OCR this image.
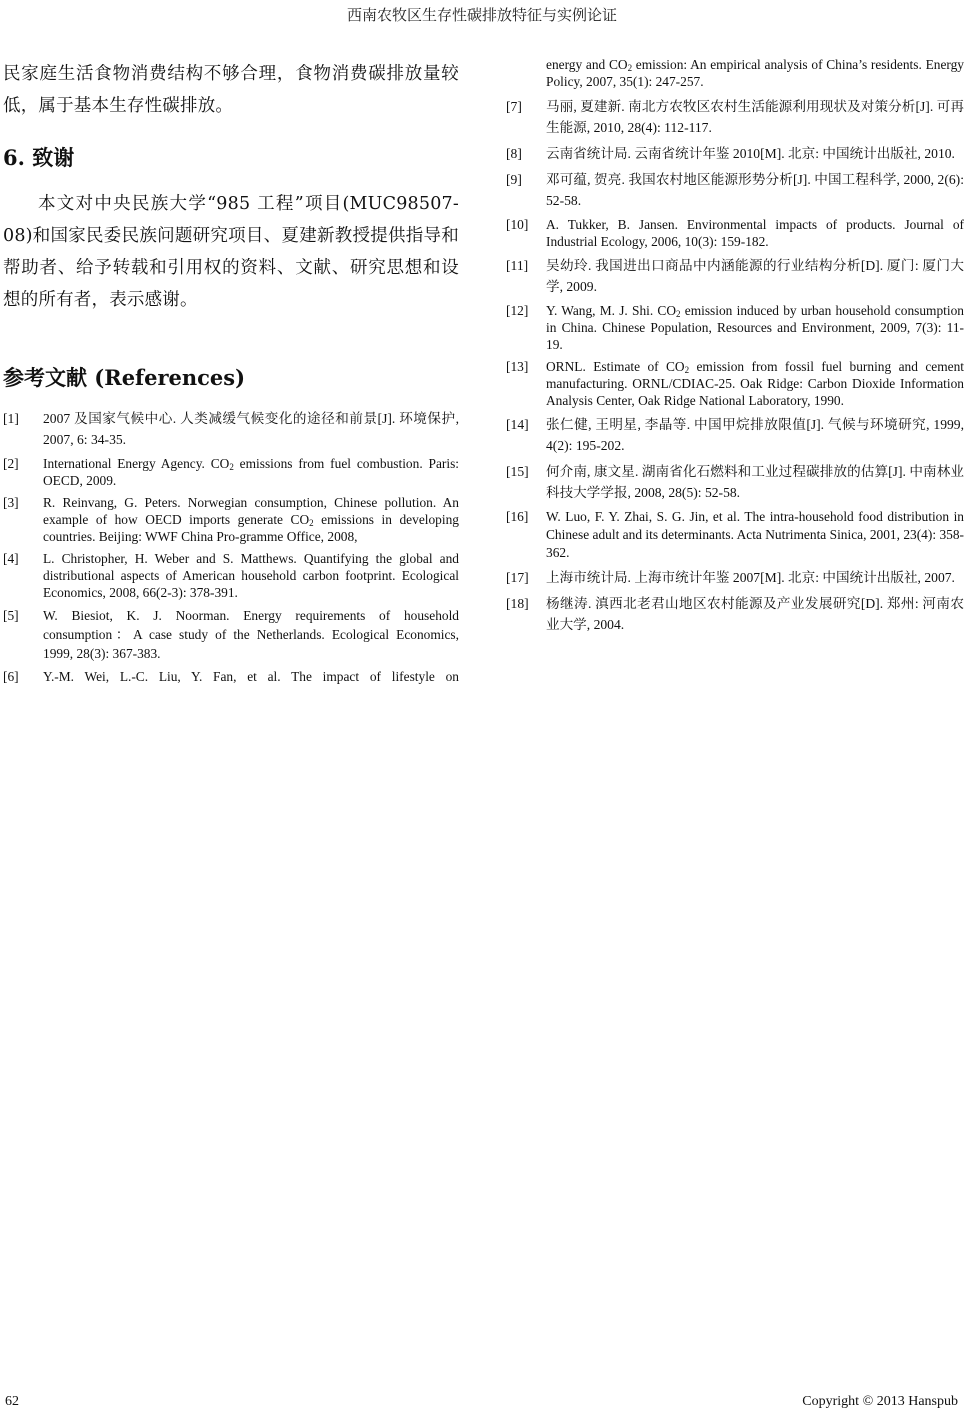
西南农牧区生存性碳排放特征与实例论证

民家庭生活食物消费结构不够合理，食物消费碳排放量较低，属于基本生存性碳排放。

6. 致谢

本文对中央民族大学“985 工程”项目(MUC98507-08)和国家民委民族问题研究项目、夏建新教授提供指导和帮助者、给予转载和引用权的资料、文献、研究思想和设想的所有者，表示感谢。

参考文献 (References)
[1] 2007 及国家气候中心. 人类减缓气候变化的途径和前景[J]. 环境保护, 2007, 6: 34-35.
[2] International Energy Agency. $CO_2$ emissions from fuel combustion. Paris: OECD, 2009.
[3] R. Reinvang, G. Peters. Norwegian consumption, Chinese pollution. An example of how OECD imports generate $CO_2$ emissions in developing countries. Beijing: WWF China Pro-gramme Office, 2008,
[4] L. Christopher, H. Weber and S. Matthews. Quantifying the global and distributional aspects of American household carbon footprint. Ecological Economics, 2008, 66(2-3): 378-391.
[5] W. Biesiot, K. J. Noorman. Energy requirements of household consumption：A case study of the Netherlands. Ecological Economics, 1999, 28(3): 367-383.
[6] Y.-M. Wei, L.-C. Liu, Y. Fan, et al. The impact of lifestyle on
energy and $CO_2$ emission: An empirical analysis of China’s residents. Energy Policy, 2007, 35(1): 247-257.
[7] 马丽, 夏建新. 南北方农牧区农村生活能源利用现状及对策分析[J]. 可再生能源, 2010, 28(4): 112-117.
[8] 云南省统计局. 云南省统计年鉴 2010[M]. 北京: 中国统计出版社, 2010.
[9] 邓可蕴, 贺亮. 我国农村地区能源形势分析[J]. 中国工程科学, 2000, 2(6): 52-58.
[10] A. Tukker, B. Jansen. Environmental impacts of products. Journal of Industrial Ecology, 2006, 10(3): 159-182.
[11] 吴幼玲. 我国进出口商品中内涵能源的行业结构分析[D]. 厦门: 厦门大学, 2009.
[12] Y. Wang, M. J. Shi. $CO_2$ emission induced by urban household consumption in China. Chinese Population, Resources and Environment, 2009, 7(3): 11-19.
[13] ORNL. Estimate of $CO_2$ emission from fossil fuel burning and cement manufacturing. ORNL/CDIAC-25. Oak Ridge: Carbon Dioxide Information Analysis Center, Oak Ridge National Laboratory, 1990.
[14] 张仁健, 王明星, 李晶等. 中国甲烷排放限值[J]. 气候与环境研究, 1999, 4(2): 195-202.
[15] 何介南, 康文星. 湖南省化石燃料和工业过程碳排放的估算[J]. 中南林业科技大学学报, 2008, 28(5): 52-58.
[16] W. Luo, F. Y. Zhai, S. G. Jin, et al. The intra-household food distribution in Chinese adult and its determinants. Acta Nutrimenta Sinica, 2001, 23(4): 358-362.
[17] 上海市统计局. 上海市统计年鉴 2007[M]. 北京: 中国统计出版社, 2007.
[18] 杨继涛. 滇西北老君山地区农村能源及产业发展研究[D]. 郑州: 河南农业大学, 2004.
62	Copyright © 2013 Hanspub
